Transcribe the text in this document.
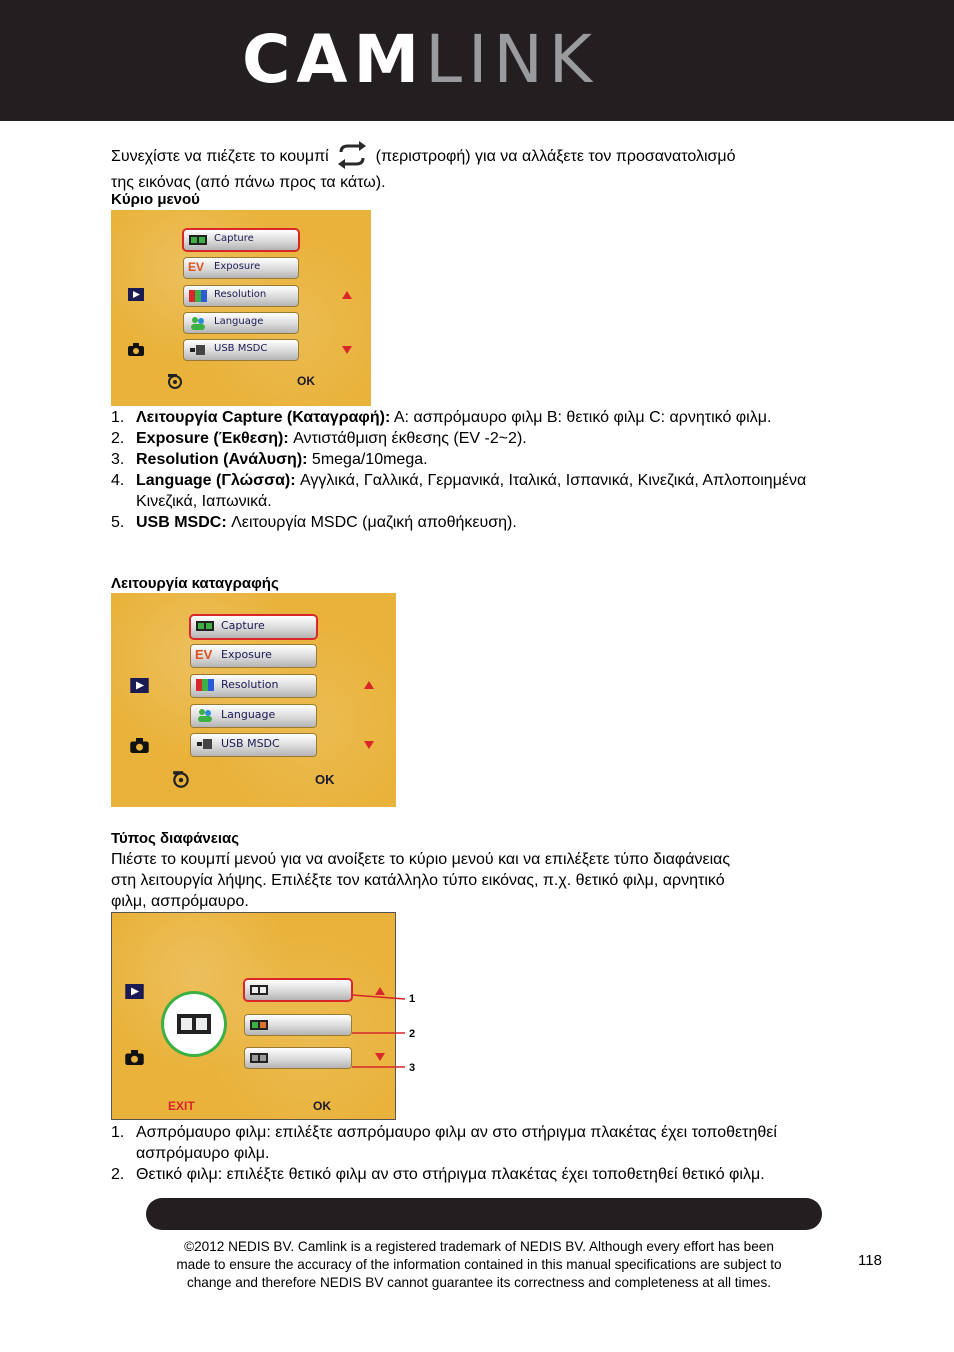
CAMLINK
Συνεχίστε να πιέζετε το κουμπί	(περιστροφή) για να αλλάξετε τον προσανατολισμό
της εικόνας (από πάνω προς τα κάτω).
Κύριο μενού
Capture
EV Exposure
Resolution
Language
USB MSDC
OK
1. Λειτουργία Capture (Καταγραφή): A: ασπρόμαυρο φιλμ B: θετικό φιλμ C: αρνητικό φιλμ.
2. Exposure (Έκθεση): Αντιστάθμιση έκθεσης (EV -2~2).
3. Resolution (Ανάλυση): 5mega/10mega.
4. Language (Γλώσσα): Αγγλικά, Γαλλικά, Γερμανικά, Ιταλικά, Ισπανικά, Κινεζικά, Απλοποιημένα Κινεζικά, Ιαπωνικά.
5. USB MSDC: Λειτουργία MSDC (μαζική αποθήκευση).
Λειτουργία καταγραφής
Capture
EV Exposure
Resolution
Language
USB MSDC
OK
Τύπος διαφάνειας
Πιέστε το κουμπί μενού για να ανοίξετε το κύριο μενού και να επιλέξετε τύπο διαφάνειας
στη λειτουργία λήψης. Επιλέξτε τον κατάλληλο τύπο εικόνας, π.χ. θετικό φιλμ, αρνητικό
φιλμ, ασπρόμαυρο.
EXIT	OK
1
2
3
1. Ασπρόμαυρο φιλμ: επιλέξτε ασπρόμαυρο φιλμ αν στο στήριγμα πλακέτας έχει τοποθετηθεί ασπρόμαυρο φιλμ.
2. Θετικό φιλμ: επιλέξτε θετικό φιλμ αν στο στήριγμα πλακέτας έχει τοποθετηθεί θετικό φιλμ.
©2012 NEDIS BV. Camlink is a registered trademark of NEDIS BV. Although every effort has been
made to ensure the accuracy of the information contained in this manual specifications are subject to
change and therefore NEDIS BV cannot guarantee its correctness and completeness at all times.
118
